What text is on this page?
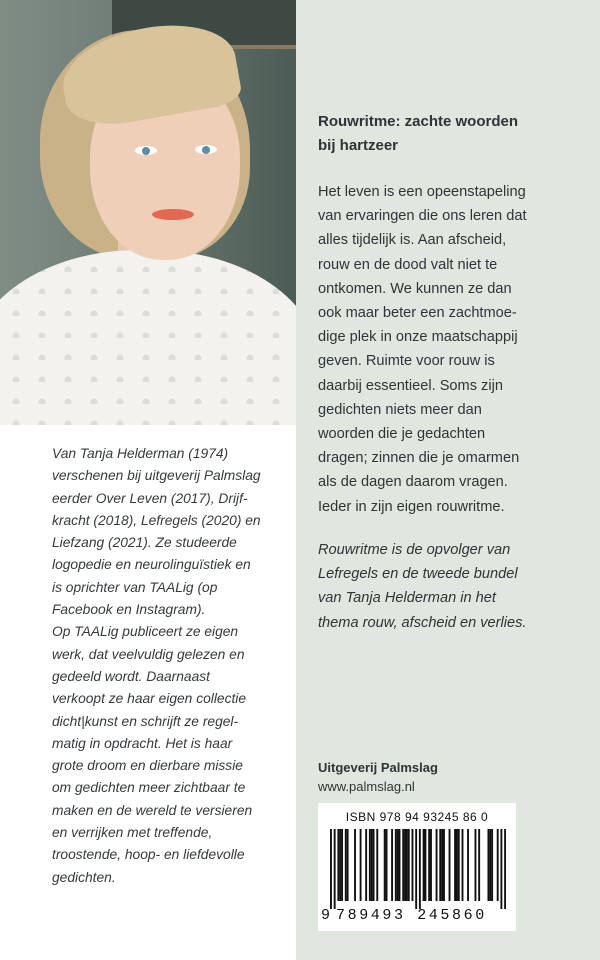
Van Tanja Helderman (1974)
verschenen bij uitgeverij Palmslag
eerder Over Leven (2017), Drijf-
kracht (2018), Lefregels (2020) en
Liefzang (2021). Ze studeerde
logopedie en neurolinguïstiek en
is oprichter van TAALig (op
Facebook en Instagram).
Op TAALig publiceert ze eigen
werk, dat veelvuldig gelezen en
gedeeld wordt. Daarnaast
verkoopt ze haar eigen collectie
dicht|kunst en schrijft ze regel-
matig in opdracht. Het is haar
grote droom en dierbare missie
om gedichten meer zichtbaar te
maken en de wereld te versieren
en verrijken met treffende,
troostende, hoop- en liefdevolle
gedichten.

Rouwritme: zachte woorden
bij hartzeer

Het leven is een opeenstapeling
van ervaringen die ons leren dat
alles tijdelijk is. Aan afscheid,
rouw en de dood valt niet te
ontkomen. We kunnen ze dan
ook maar beter een zachtmoe-
dige plek in onze maatschappij
geven. Ruimte voor rouw is
daarbij essentieel. Soms zijn
gedichten niets meer dan
woorden die je gedachten
dragen; zinnen die je omarmen
als de dagen daarom vragen.
Ieder in zijn eigen rouwritme.

Rouwritme is de opvolger van
Lefregels en de tweede bundel
van Tanja Helderman in het
thema rouw, afscheid en verlies.

Uitgeverij Palmslag
www.palmslag.nl
ISBN 978 94 93245 86 0
9 789493 245860
